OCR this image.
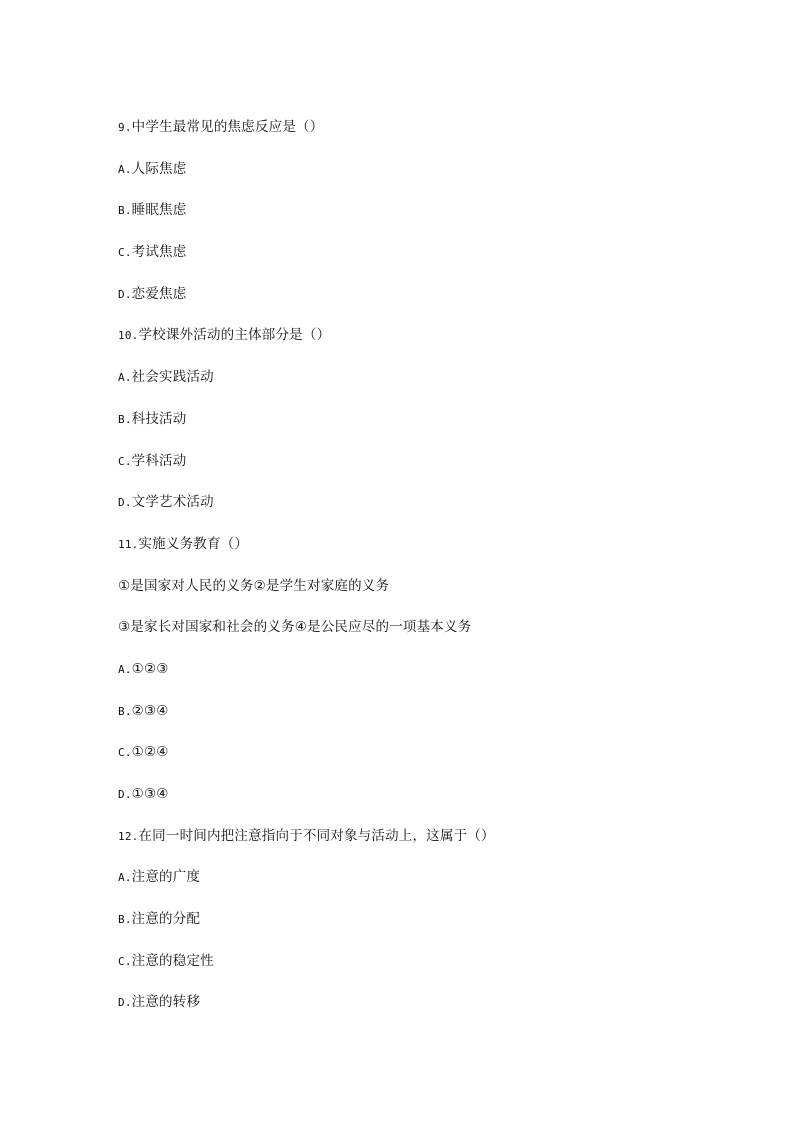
9.中学生最常见的焦虑反应是（）
A.人际焦虑
B.睡眠焦虑
C.考试焦虑
D.恋爱焦虑
10.学校课外活动的主体部分是（）
A.社会实践活动
B.科技活动
C.学科活动
D.文学艺术活动
11.实施义务教育（）
①是国家对人民的义务②是学生对家庭的义务
③是家长对国家和社会的义务④是公民应尽的一项基本义务
A.①②③
B.②③④
C.①②④
D.①③④
12.在同一时间内把注意指向于不同对象与活动上，这属于（）
A.注意的广度
B.注意的分配
C.注意的稳定性
D.注意的转移
